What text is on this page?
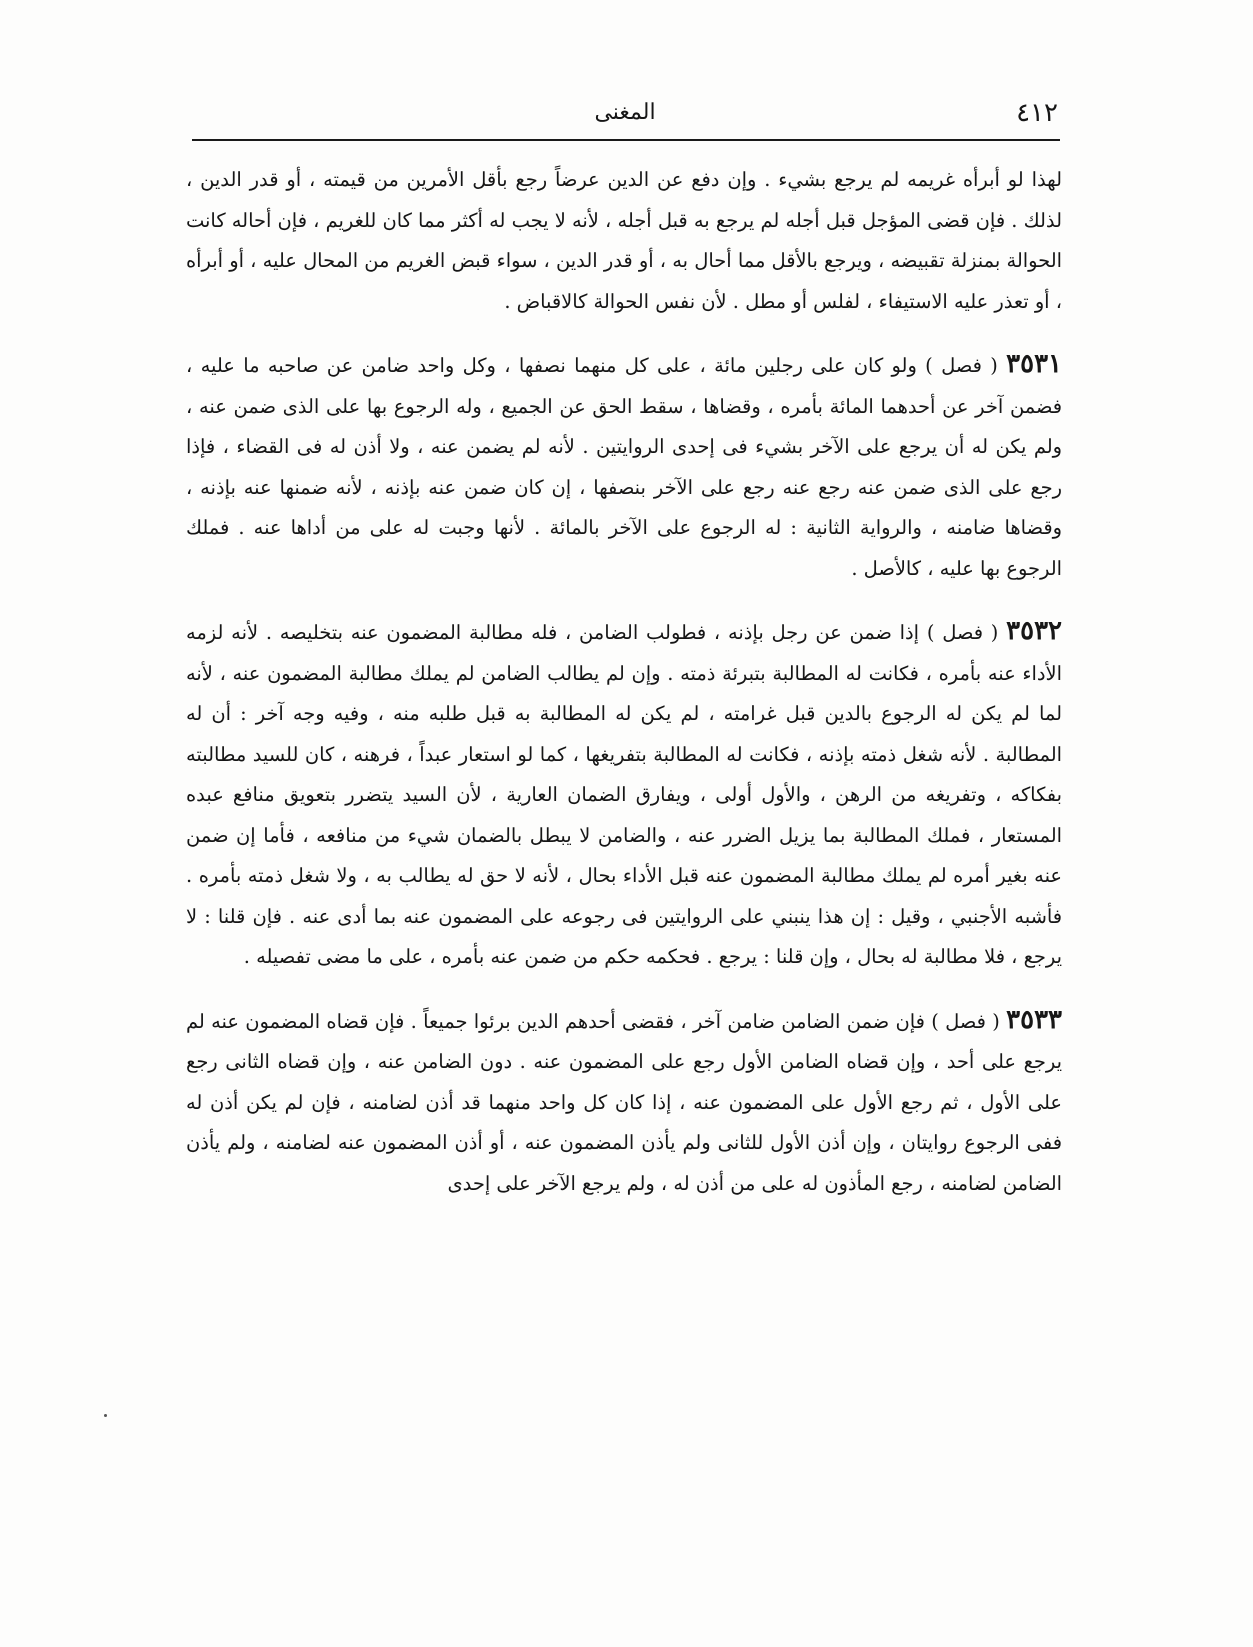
٤١٢
المغنى

لهذا لو أبرأه غريمه لم يرجع بشيء . وإن دفع عن الدين عرضاً رجع بأقل الأمرين من قيمته ، أو قدر الدين ، لذلك . فإن قضى المؤجل قبل أجله لم يرجع به قبل أجله ، لأنه لا يجب له أكثر مما كان للغريم ، فإن أحاله كانت الحوالة بمنزلة تقبيضه ، ويرجع بالأقل مما أحال به ، أو قدر الدين ، سواء قبض الغريم من المحال عليه ، أو أبرأه ، أو تعذر عليه الاستيفاء ، لفلس أو مطل . لأن نفس الحوالة كالاقباض .

٣٥٣١ ( فصل ) ولو كان على رجلين مائة ، على كل منهما نصفها ، وكل واحد ضامن عن صاحبه ما عليه ، فضمن آخر عن أحدهما المائة بأمره ، وقضاها ، سقط الحق عن الجميع ، وله الرجوع بها على الذى ضمن عنه ، ولم يكن له أن يرجع على الآخر بشيء فى إحدى الروايتين . لأنه لم يضمن عنه ، ولا أذن له فى القضاء ، فإذا رجع على الذى ضمن عنه رجع عنه رجع على الآخر بنصفها ، إن كان ضمن عنه بإذنه ، لأنه ضمنها عنه بإذنه ، وقضاها ضامنه ، والرواية الثانية : له الرجوع على الآخر بالمائة . لأنها وجبت له على من أداها عنه . فملك الرجوع بها عليه ، كالأصل .

٣٥٣٢ ( فصل ) إذا ضمن عن رجل بإذنه ، فطولب الضامن ، فله مطالبة المضمون عنه بتخليصه . لأنه لزمه الأداء عنه بأمره ، فكانت له المطالبة بتبرئة ذمته . وإن لم يطالب الضامن لم يملك مطالبة المضمون عنه ، لأنه لما لم يكن له الرجوع بالدين قبل غرامته ، لم يكن له المطالبة به قبل طلبه منه ، وفيه وجه آخر : أن له المطالبة . لأنه شغل ذمته بإذنه ، فكانت له المطالبة بتفريغها ، كما لو استعار عبداً ، فرهنه ، كان للسيد مطالبته بفكاكه ، وتفريغه من الرهن ، والأول أولى ، ويفارق الضمان العارية ، لأن السيد يتضرر بتعويق منافع عبده المستعار ، فملك المطالبة بما يزيل الضرر عنه ، والضامن لا يبطل بالضمان شيء من منافعه ، فأما إن ضمن عنه بغير أمره لم يملك مطالبة المضمون عنه قبل الأداء بحال ، لأنه لا حق له يطالب به ، ولا شغل ذمته بأمره . فأشبه الأجنبي ، وقيل : إن هذا ينبني على الروايتين فى رجوعه على المضمون عنه بما أدى عنه . فإن قلنا : لا يرجع ، فلا مطالبة له بحال ، وإن قلنا : يرجع . فحكمه حكم من ضمن عنه بأمره ، على ما مضى تفصيله .

٣٥٣٣ ( فصل ) فإن ضمن الضامن ضامن آخر ، فقضى أحدهم الدين برئوا جميعاً . فإن قضاه المضمون عنه لم يرجع على أحد ، وإن قضاه الضامن الأول رجع على المضمون عنه . دون الضامن عنه ، وإن قضاه الثانى رجع على الأول ، ثم رجع الأول على المضمون عنه ، إذا كان كل واحد منهما قد أذن لضامنه ، فإن لم يكن أذن له ففى الرجوع روايتان ، وإن أذن الأول للثانى ولم يأذن المضمون عنه ، أو أذن المضمون عنه لضامنه ، ولم يأذن الضامن لضامنه ، رجع المأذون له على من أذن له ، ولم يرجع الآخر على إحدى
